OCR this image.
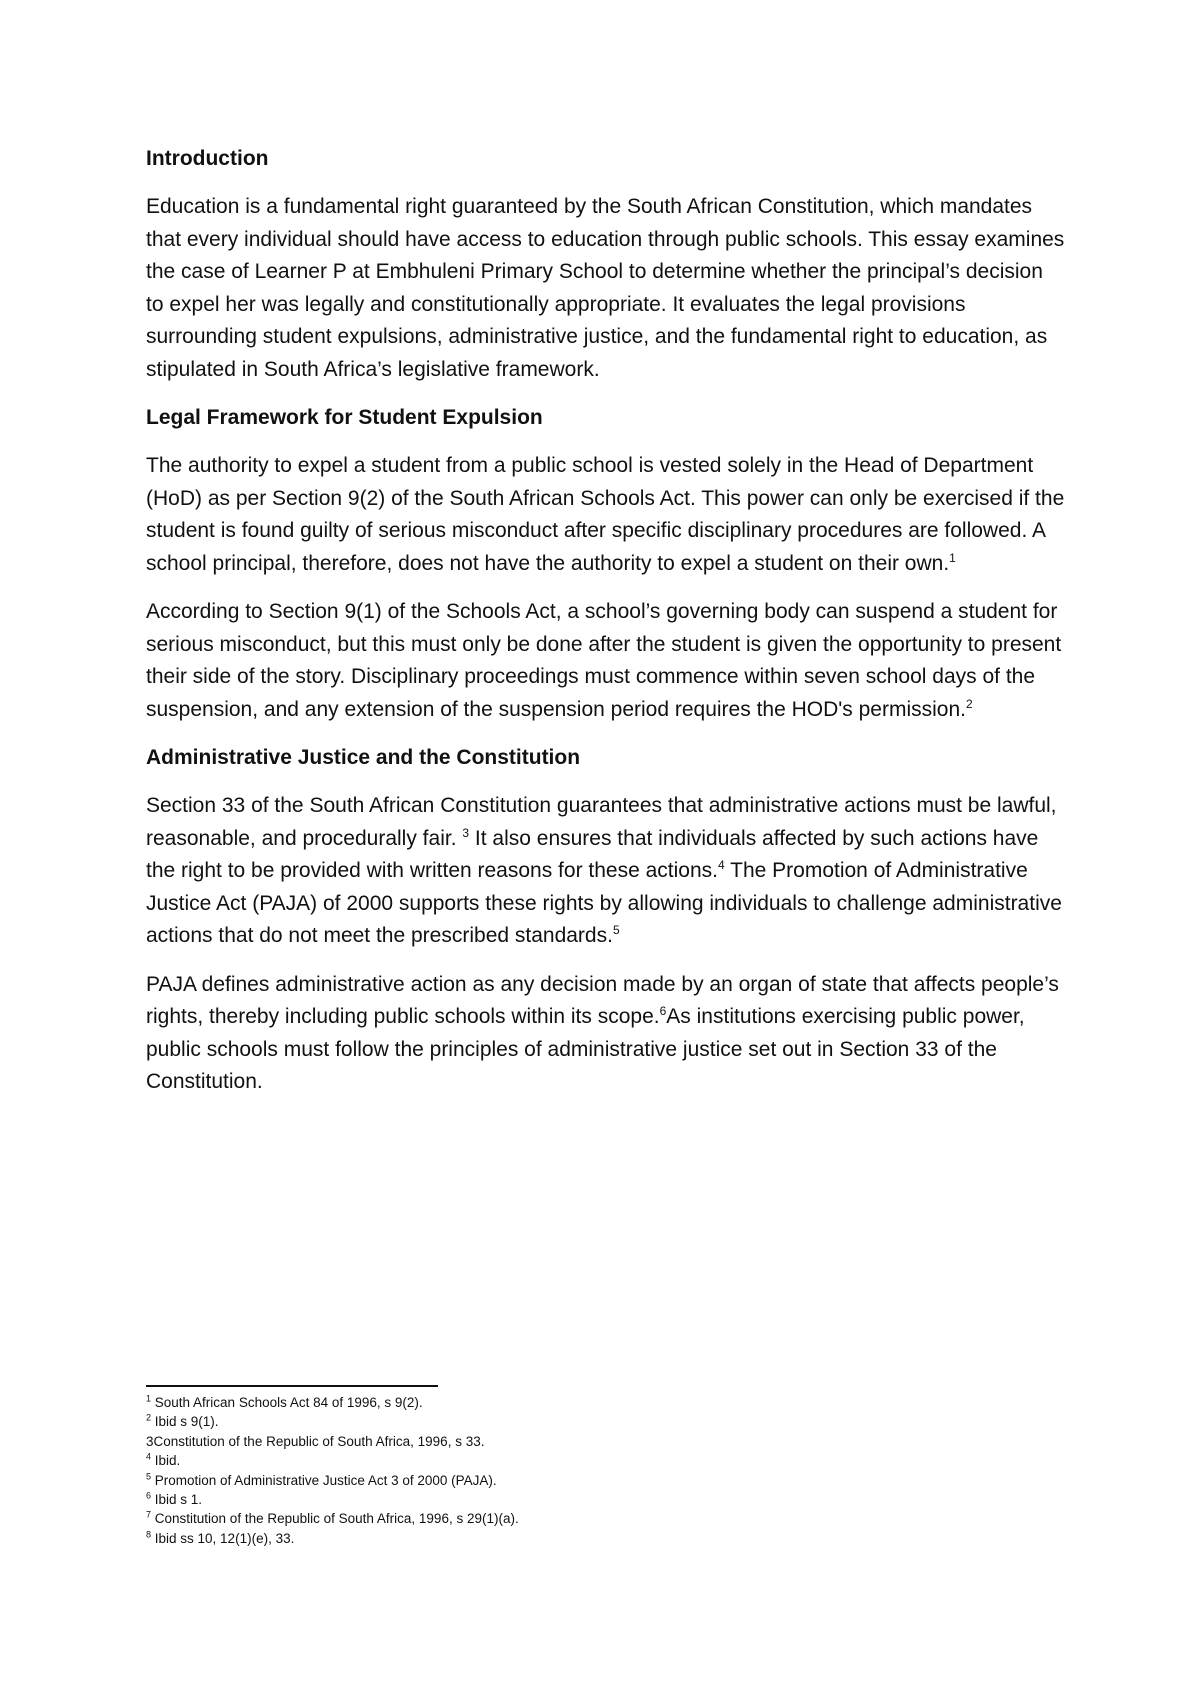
Introduction

Education is a fundamental right guaranteed by the South African Constitution, which mandates that every individual should have access to education through public schools. This essay examines the case of Learner P at Embhuleni Primary School to determine whether the principal’s decision to expel her was legally and constitutionally appropriate. It evaluates the legal provisions surrounding student expulsions, administrative justice, and the fundamental right to education, as stipulated in South Africa’s legislative framework.

Legal Framework for Student Expulsion

The authority to expel a student from a public school is vested solely in the Head of Department (HoD) as per Section 9(2) of the South African Schools Act. This power can only be exercised if the student is found guilty of serious misconduct after specific disciplinary procedures are followed. A school principal, therefore, does not have the authority to expel a student on their own.$^1$

According to Section 9(1) of the Schools Act, a school’s governing body can suspend a student for serious misconduct, but this must only be done after the student is given the opportunity to present their side of the story. Disciplinary proceedings must commence within seven school days of the suspension, and any extension of the suspension period requires the HOD's permission.$^2$

Administrative Justice and the Constitution

Section 33 of the South African Constitution guarantees that administrative actions must be lawful, reasonable, and procedurally fair. $^3$ It also ensures that individuals affected by such actions have the right to be provided with written reasons for these actions.$^4$ The Promotion of Administrative Justice Act (PAJA) of 2000 supports these rights by allowing individuals to challenge administrative actions that do not meet the prescribed standards.$^5$

PAJA defines administrative action as any decision made by an organ of state that affects people’s rights, thereby including public schools within its scope.$^6$As institutions exercising public power, public schools must follow the principles of administrative justice set out in Section 33 of the Constitution.

$^1$ South African Schools Act 84 of 1996, s 9(2).

$^2$ Ibid s 9(1).

3Constitution of the Republic of South Africa, 1996, s 33.

$^4$ Ibid.

$^5$ Promotion of Administrative Justice Act 3 of 2000 (PAJA).

$^6$ Ibid s 1.

$^7$ Constitution of the Republic of South Africa, 1996, s 29(1)(a).

$^8$ Ibid ss 10, 12(1)(e), 33.
